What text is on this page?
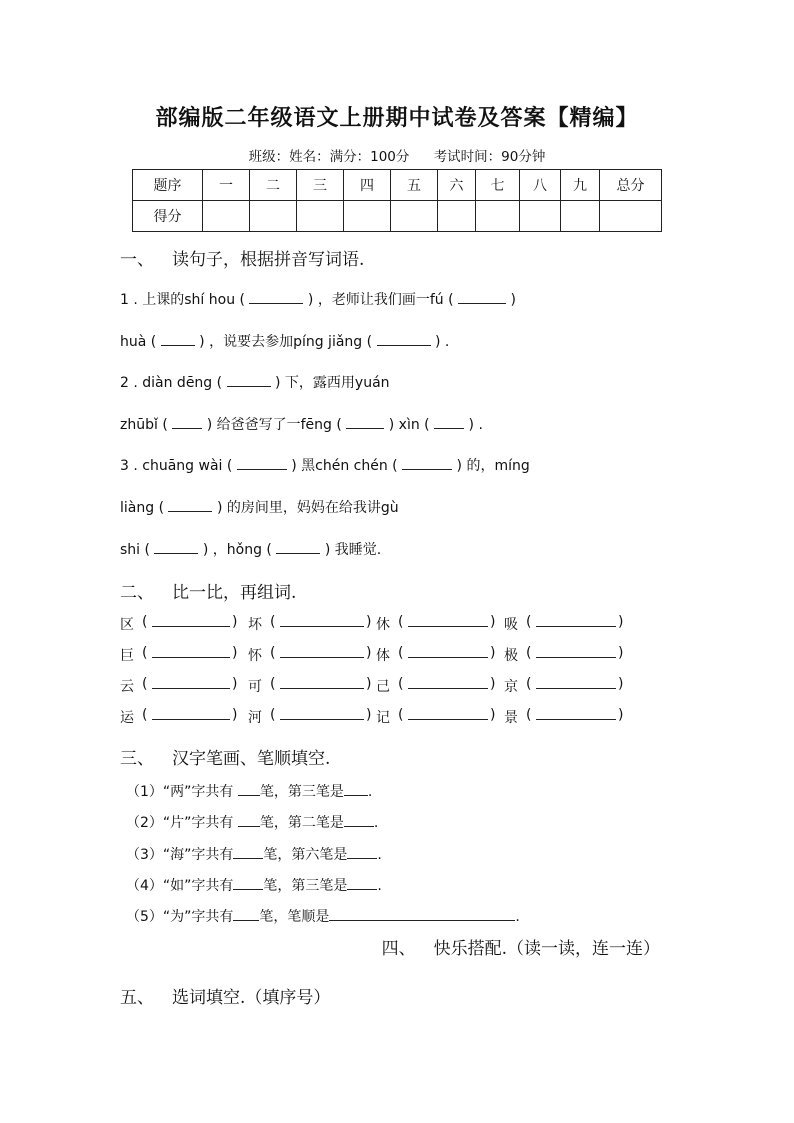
部编版二年级语文上册期中试卷及答案【精编】
班级：姓名：满分：100分 考试时间：90分钟
题序	一	二	三	四	五	六	七	八	九	总分
得分										
一、 读句子，根据拼音写词语.
1 . 上课的shí hou (	) ，老师让我们画一fú (	)
huà (	) ，说要去参加píng jiǎng (	) .
2 . diàn dēng (	) 下，露西用yuán
zhūbǐ (	) 给爸爸写了一fēng (	) xìn (	) .
3 . chuāng wài (	) 黑chén chén (	) 的，míng
liàng (	) 的房间里，妈妈在给我讲gù
shi (	) ，hǒng (	) 我睡觉.
二、 比一比，再组词.
区 (	) 坏 (	) 休 (	) 吸 (	)
巨 (	) 怀 (	) 体 (	) 极 (	)
云 (	) 可 (	) 己 (	) 京 (	)
运 (	) 河 (	) 记 (	) 景 (	)
三、 汉字笔画、笔顺填空.
（1）“两”字共有 笔，第三笔是 .
（2）“片”字共有 笔，第二笔是 .
（3）“海”字共有 笔，第六笔是 .
（4）“如”字共有 笔，第三笔是 .
（5）“为”字共有 笔，笔顺是	.
四、 快乐搭配.（读一读，连一连）
五、 选词填空.（填序号）
